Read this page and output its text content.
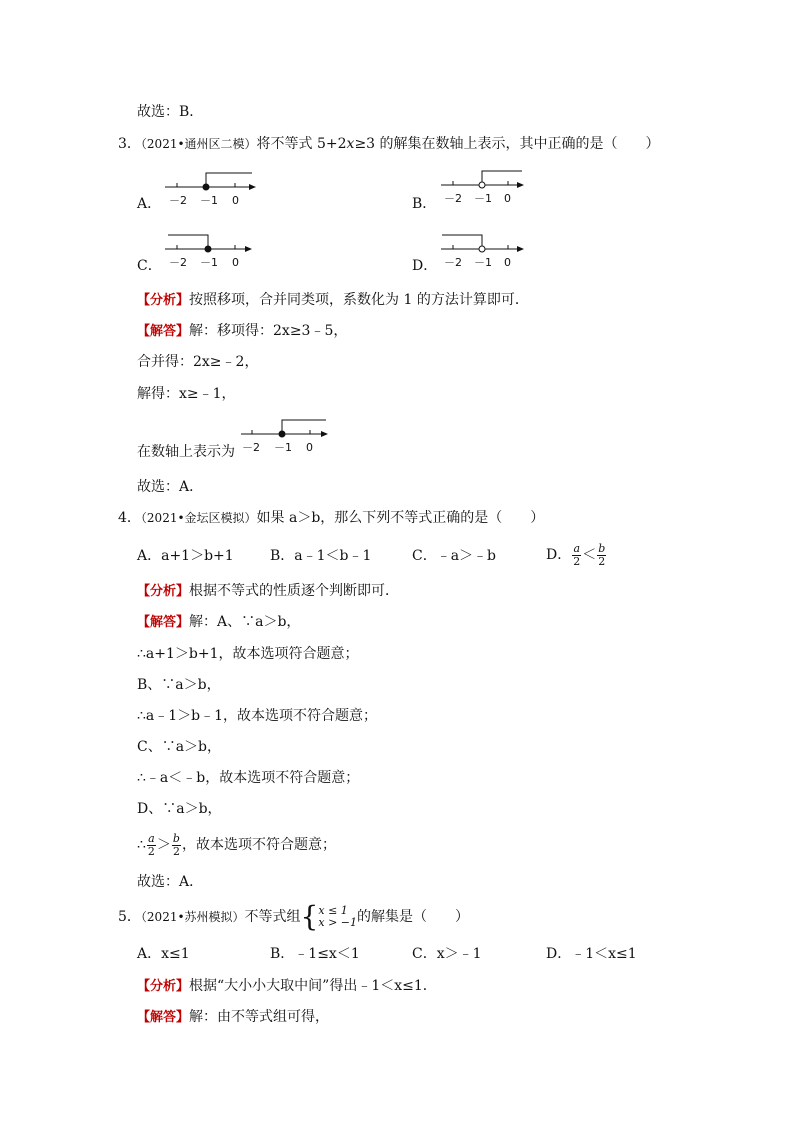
故选：B．
3．（2021•通州区二模）将不等式 5+2x≥3 的解集在数轴上表示，其中正确的是（　　）
A． －2 －1 0	B． －2 －1 0
C． －2 －1 0	D． －2 －1 0
【分析】按照移项，合并同类项，系数化为 1 的方法计算即可．
【解答】解：移项得：2x≥3﹣5，
合并得：2x≥﹣2，
解得：x≥﹣1，
在数轴上表示为 －2 －1 0
故选：A．
4．（2021•金坛区模拟）如果 a＞b，那么下列不等式正确的是（　　）
A．a+1＞b+1	B．a﹣1＜b﹣1	C．﹣a＞﹣b	D． $\frac{a}{2} < \frac{b}{2}$
【分析】根据不等式的性质逐个判断即可．
【解答】解：A、∵a＞b，
∴a+1＞b+1，故本选项符合题意；
B、∵a＞b，
∴a﹣1＞b﹣1，故本选项不符合题意；
C、∵a＞b，
∴﹣a＜﹣b，故本选项不符合题意；
D、∵a＞b，
∴ $\frac{a}{2} > \frac{b}{2}$ ，故本选项不符合题意；
故选：A．
5．（2021•苏州模拟）不等式组{ x ≤ 1
x > −1 的解集是（　　）
A．x≤1	B．﹣1≤x＜1	C．x＞﹣1	D．﹣1＜x≤1
【分析】根据“大小小大取中间”得出﹣1＜x≤1．
【解答】解：由不等式组可得，
